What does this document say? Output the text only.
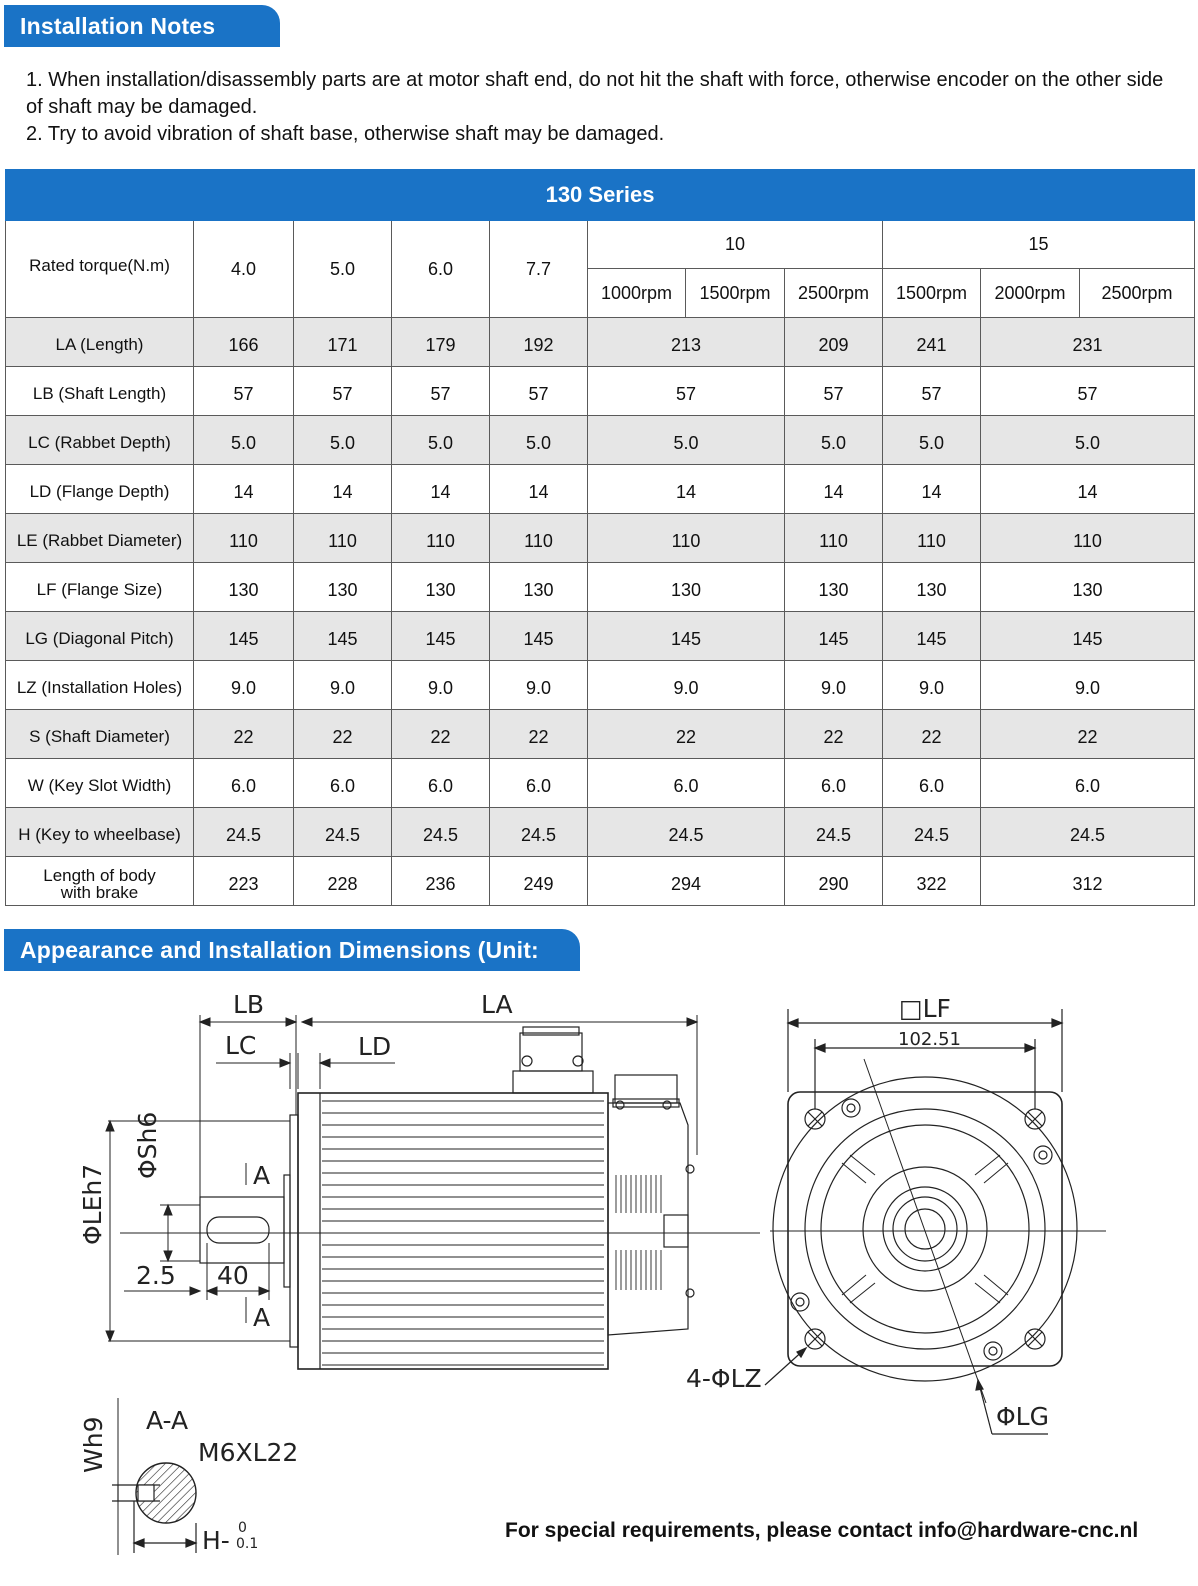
Installation Notes
1. When installation/disassembly parts are at motor shaft end, do not hit the shaft with force, otherwise encoder on the other side of shaft may be damaged.
2. Try to avoid vibration of shaft base, otherwise shaft may be damaged.
130 Series										
Rated torque(N.m)	4.0	5.0	6.0	7.7	10			15		
					1000rpm	1500rpm	2500rpm	1500rpm	2000rpm	2500rpm
LA (Length)	166	171	179	192	213		209	241	231	
LB (Shaft Length)	57	57	57	57	57		57	57	57	
LC (Rabbet Depth)	5.0	5.0	5.0	5.0	5.0		5.0	5.0	5.0	
LD (Flange Depth)	14	14	14	14	14		14	14	14	
LE (Rabbet Diameter)	110	110	110	110	110		110	110	110	
LF (Flange Size)	130	130	130	130	130		130	130	130	
LG (Diagonal Pitch)	145	145	145	145	145		145	145	145	
LZ (Installation Holes)	9.0	9.0	9.0	9.0	9.0		9.0	9.0	9.0	
S (Shaft Diameter)	22	22	22	22	22		22	22	22	
W (Key Slot Width)	6.0	6.0	6.0	6.0	6.0		6.0	6.0	6.0	
H (Key to wheelbase)	24.5	24.5	24.5	24.5	24.5		24.5	24.5	24.5	

Length of body
with brake	223	228	236	249	294		290	322	312	
Appearance and Installation Dimensions (Unit: mm)	LB	LA
LC	LD
□LF
102.51
A
A
2.5 40
4-ΦLZ
ΦLG
A-A
M6XL22
ΦSh6
ΦLEh7
Wh9
H- 0
0.1
For special requirements, please contact info@hardware-cnc.nl
